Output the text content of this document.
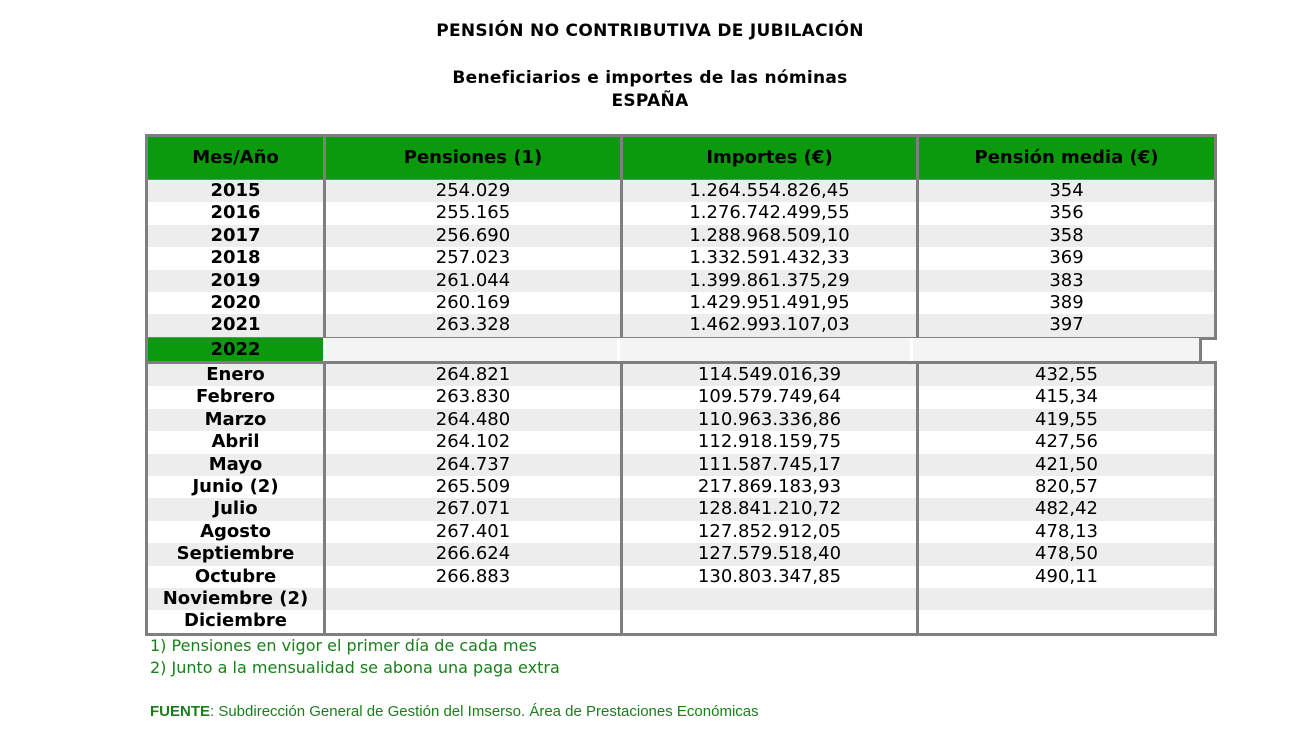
PENSIÓN NO CONTRIBUTIVA DE JUBILACIÓN
Beneficiarios e importes de las nóminas
ESPAÑA
Mes/Año	Pensiones (1)	Importes (€)	Pensión media (€)
2015	254.029	1.264.554.826,45	354
2016	255.165	1.276.742.499,55	356
2017	256.690	1.288.968.509,10	358
2018	257.023	1.332.591.432,33	369
2019	261.044	1.399.861.375,29	383
2020	260.169	1.429.951.491,95	389
2021	263.328	1.462.993.107,03	397
2022
Enero	264.821	114.549.016,39	432,55
Febrero	263.830	109.579.749,64	415,34
Marzo	264.480	110.963.336,86	419,55
Abril	264.102	112.918.159,75	427,56
Mayo	264.737	111.587.745,17	421,50
Junio (2)	265.509	217.869.183,93	820,57
Julio	267.071	128.841.210,72	482,42
Agosto	267.401	127.852.912,05	478,13
Septiembre	266.624	127.579.518,40	478,50
Octubre	266.883	130.803.347,85	490,11
Noviembre (2)			
Diciembre			
1) Pensiones en vigor el primer día de cada mes
2) Junto a la mensualidad se abona una paga extra
FUENTE: Subdirección General de Gestión del Imserso. Área de Prestaciones Económicas
